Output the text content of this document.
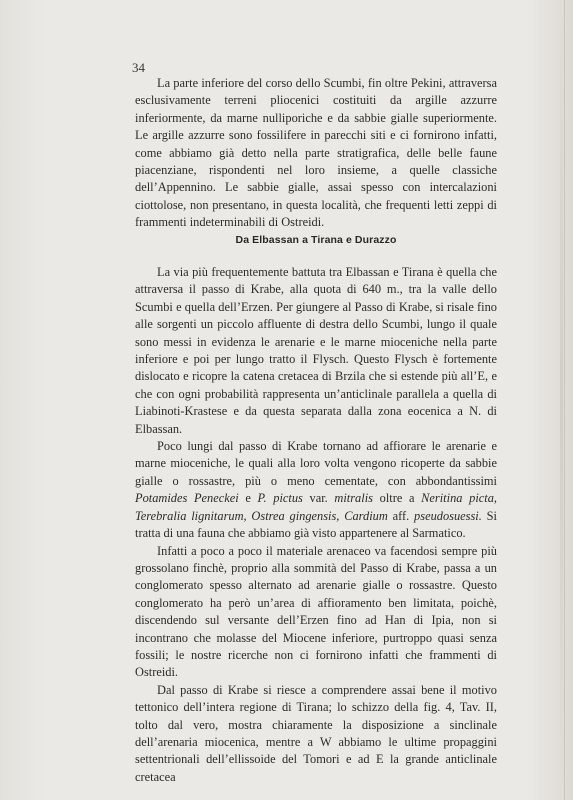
34

La parte inferiore del corso dello Scumbi, fin oltre Pekini, attraversa esclusivamente terreni pliocenici costituiti da argille azzurre inferiormente, da marne nulliporiche e da sabbie gialle superiormente. Le argille azzurre sono fossilifere in parecchi siti e ci fornirono infatti, come abbiamo già detto nella parte stratigrafica, delle belle faune piacenziane, rispondenti nel loro insieme, a quelle classiche dell’Appennino. Le sabbie gialle, assai spesso con intercalazioni ciottolose, non presentano, in questa località, che frequenti letti zeppi di frammenti indeterminabili di Ostreidi.

Da Elbassan a Tirana e Durazzo

La via più frequentemente battuta tra Elbassan e Tirana è quella che attraversa il passo di Krabe, alla quota di 640 m., tra la valle dello Scumbi e quella dell’Erzen. Per giungere al Passo di Krabe, si risale fino alle sorgenti un piccolo affluente di destra dello Scumbi, lungo il quale sono messi in evidenza le arenarie e le marne mioceniche nella parte inferiore e poi per lungo tratto il Flysch. Questo Flysch è fortemente dislocato e ricopre la catena cretacea di Brzila che si estende più all’E, e che con ogni probabilità rappresenta un’anticlinale parallela a quella di Liabinoti-Krastese e da questa separata dalla zona eocenica a N. di Elbassan.

Poco lungi dal passo di Krabe tornano ad affiorare le arenarie e marne mioceniche, le quali alla loro volta vengono ricoperte da sabbie gialle o rossastre, più o meno cementate, con abbondantissimi Potamides Peneckei e P. pictus var. mitralis oltre a Neritina picta, Terebralia lignitarum, Ostrea gingensis, Cardium aff. pseudosuessi. Si tratta di una fauna che abbiamo già visto appartenere al Sarmatico.

Infatti a poco a poco il materiale arenaceo va facendosi sempre più grossolano finchè, proprio alla sommità del Passo di Krabe, passa a un conglomerato spesso alternato ad arenarie gialle o rossastre. Questo conglomerato ha però un’area di affioramento ben limitata, poichè, discendendo sul versante dell’Erzen fino ad Han di Ipia, non si incontrano che molasse del Miocene inferiore, purtroppo quasi senza fossili; le nostre ricerche non ci fornirono infatti che frammenti di Ostreidi.

Dal passo di Krabe si riesce a comprendere assai bene il motivo tettonico dell’intera regione di Tirana; lo schizzo della fig. 4, Tav. II, tolto dal vero, mostra chiaramente la disposizione a sinclinale dell’arenaria miocenica, mentre a W abbiamo le ultime propaggini settentrionali dell’ellissoide del Tomori e ad E la grande anticlinale cretacea
